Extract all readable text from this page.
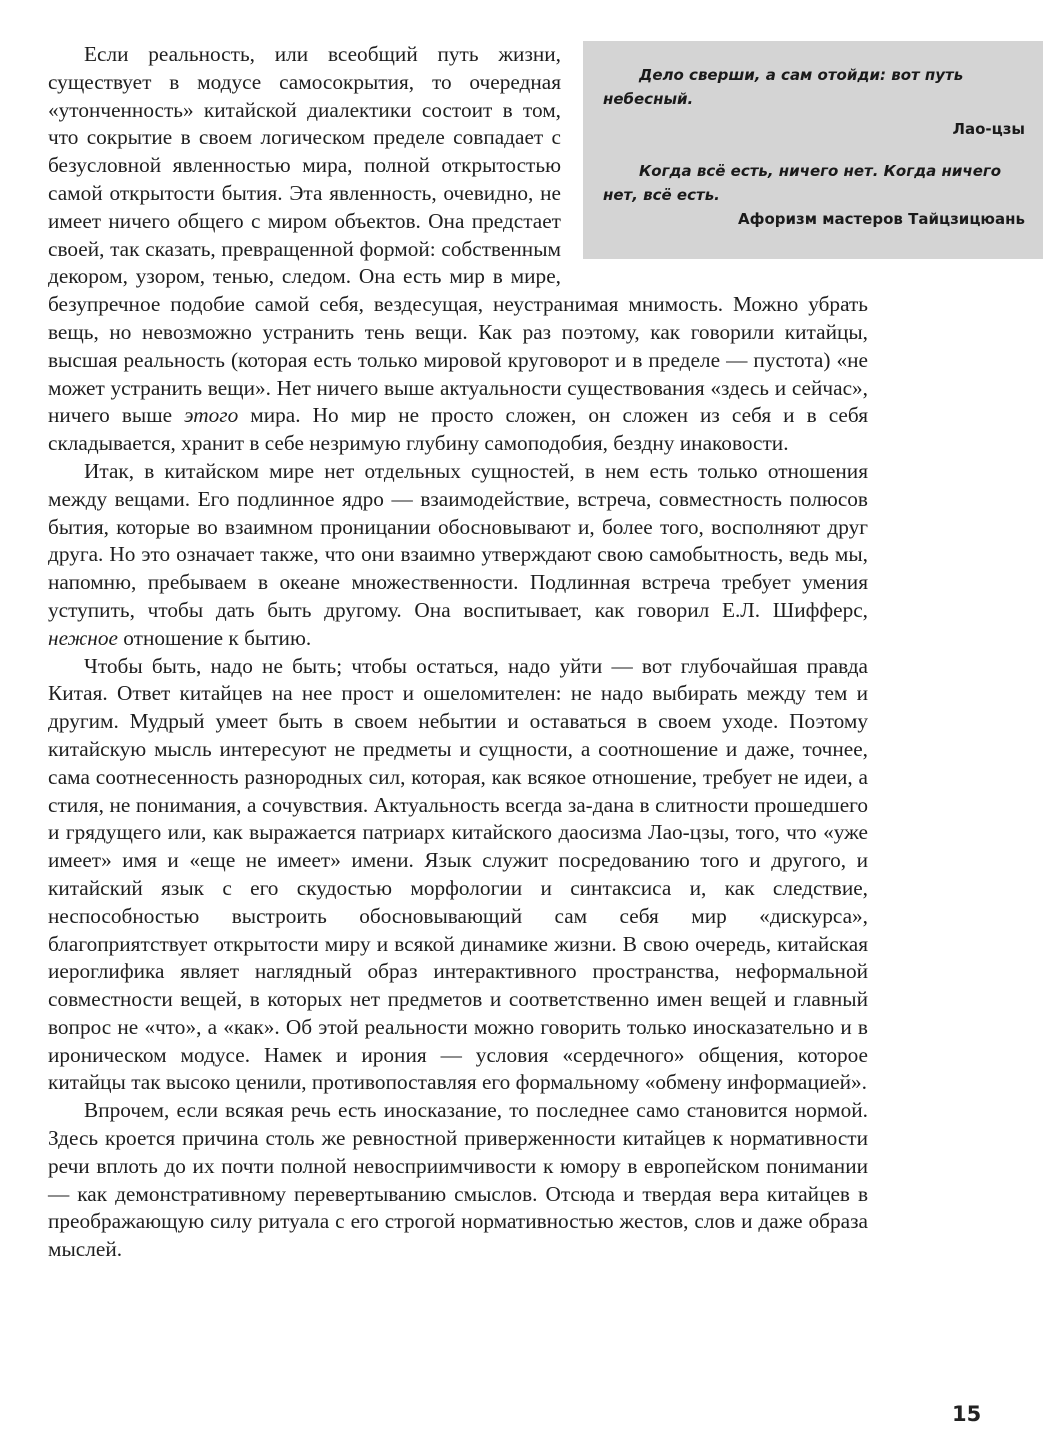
Дело сверши, а сам отойди: вот путь небесный.
Лао-цзы
Когда всё есть, ничего нет. Когда ничего нет, всё есть.
Афоризм мастеров Тайцзицюань
Если реальность, или всеобщий путь жизни, существует в модусе самосокрытия, то очередная «утонченность» китайской диалектики состоит в том, что сокрытие в своем логическом пределе совпадает с безусловной явленностью мира, полной открытостью самой открытости бытия. Эта явленность, очевидно, не имеет ничего общего с миром объектов. Она предстает своей, так сказать, превращенной формой: собственным декором, узором, тенью, следом. Она есть мир в мире, безупречное подобие самой себя, вездесущая, неустранимая мнимость. Можно убрать вещь, но невозможно устранить тень вещи. Как раз поэтому, как говорили китайцы, высшая реальность (которая есть только мировой круговорот и в пределе — пустота) «не может устранить вещи». Нет ничего выше актуальности существования «здесь и сейчас», ничего выше этого мира. Но мир не просто сложен, он сложен из себя и в себя складывается, хранит в себе незримую глубину самоподобия, бездну инаковости.

Итак, в китайском мире нет отдельных сущностей, в нем есть только отношения между вещами. Его подлинное ядро — взаимодействие, встреча, совместность полюсов бытия, которые во взаимном проницании обосновывают и, более того, восполняют друг друга. Но это означает также, что они взаимно утверждают свою самобытность, ведь мы, напомню, пребываем в океане множественности. Подлинная встреча требует умения уступить, чтобы дать быть другому. Она воспитывает, как говорил Е.Л. Шифферс, нежное отношение к бытию.

Чтобы быть, надо не быть; чтобы остаться, надо уйти — вот глубочайшая правда Китая. Ответ китайцев на нее прост и ошеломителен: не надо выбирать между тем и другим. Мудрый умеет быть в своем небытии и оставаться в своем уходе. Поэтому китайскую мысль интересуют не предметы и сущности, а соотношение и даже, точнее, сама соотнесенность разнородных сил, которая, как всякое отношение, требует не идеи, а стиля, не понимания, а сочувствия. Актуальность всегда за-дана в слитности прошедшего и грядущего или, как выражается патриарх китайского даосизма Лао-цзы, того, что «уже имеет» имя и «еще не имеет» имени. Язык служит посредованию того и другого, и китайский язык с его скудостью морфологии и синтаксиса и, как следствие, неспособностью выстроить обосновывающий сам себя мир «дискурса», благоприятствует открытости миру и всякой динамике жизни. В свою очередь, китайская иероглифика являет наглядный образ интерактивного пространства, неформальной совместности вещей, в которых нет предметов и соответственно имен вещей и главный вопрос не «что», а «как». Об этой реальности можно говорить только иносказательно и в ироническом модусе. Намек и ирония — условия «сердечного» общения, которое китайцы так высоко ценили, противопоставляя его формальному «обмену информацией».

Впрочем, если всякая речь есть иносказание, то последнее само становится нормой. Здесь кроется причина столь же ревностной приверженности китайцев к нормативности речи вплоть до их почти полной невосприимчивости к юмору в европейском понимании — как демонстративному перевертыванию смыслов. Отсюда и твердая вера китайцев в преображающую силу ритуала с его строгой нормативностью жестов, слов и даже образа мыслей.

15
